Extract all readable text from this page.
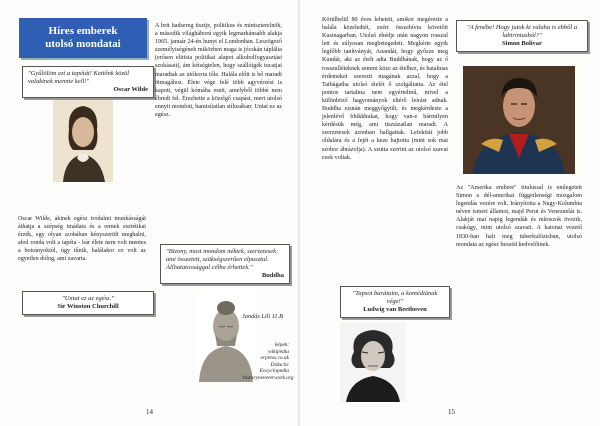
Híres emberek
utolsó mondatai
"Gyűlölöm ezt a tapétát! Kettőnk közül valakinek mennie kell!"
Oscar Wilde

Oscar Wilde, akinek egész irodalmi munkásságát áthatja a szépség imádata és a remek esztétikai érzék, egy olyan szobában kényszerült meghalni, ahol ronda volt a tapéta - bár élete nem volt mentes a botrányoktól, úgy tűnik, halálakor ez volt az egyetlen dolog, ami zavarta.

"Untat ez az egész."
Sir Winston Churchill

A brit hadsereg tisztje, politikus és miniszterelnök, a második világháború egyik legmarkánsabb alakja 1965. január 24-én hunyt el Londonban. Leszögező személyiségének miközben maga is jócskán táplálta (erősen elitista politikai alapot alkoholfogyasztási szokásait), ám kétségtelen, hogy szállóigék tucatjai maradtak az utókorra tőle. Halála előtt is bő maradt ötmagához. Élete vége felé több agyvérzést is kapott, végül kómába esett, amelyből többé nem ébredt fel. Érezhette a közelgő csapást, mert utolsó ennyit mondott, hamisítatlan stílusában: Untat ez az egész.

"Bizony, most mondom néktek, szerzetesek: ami összetett, szükségszerűen elpusztul. Állhatatossággal célba érhettek."
Buddha
14

Körülbelül 80 éves lehetett, amikor megérezte a halála közeledtét, ezért összehívta követőit Kusinagarban. Utolsó ebédje után nagyon rosszul lett és súlyosan megbetegedett. Megkérte egyik legfőbb tanítványát, Anandát, hogy győzze meg Kundát, aki az ételt adta Buddhának, hogy az ő rosszulléteknek semmi köze az ételhez, és hatalmas érdemeket szereztt magának azzal, hogy a Tathágatha utolsó ételét ő szolgáltatta. Az étel pontos tartalma nem egyértelmű, mivel a különböző hagyományok eltérő leírást adnak. Buddha ezután meggyőgyült, és megkérdezte a jelenlévő bhikkhukat, hogy van-e bármilyen kérdésük még, ami tisztázatlan maradt. A szerzetesek azonban hallgattak. Lefektiát jobb oldalára és a fejét a keze hajtotta (mint sok mai szobor ábrázolja). A szutta szerint az utolsó szavai ezek voltak.

"Tapsot barátaim, a komédiának vége!"
Ludwig van Beethoven
"A fenébe! Hogy jutok ki valaha is ebből a labirintusból?"
Simon Bolívar

Az "Amerika embere" titulussal is emlegetett Simon a dél-amerikai függetlenségi mozgalom legendás vezére volt. Irányította a Nagy-Kolumbia néven ismert államot, majd Perut és Venezuelát is. Alakját mai napig legendák és mítoszok övezik, csakúgy, mint utolsó szavait. A katonai vezető 1830-ban halt meg tuberkulózisban, utolsó mondata az egész beszéd kedvelőinek.

15
Jandás Lili 11.B
képek:
wikipédia
erpress.co.uk
Didactic Encyclopedia
historyneneterwork.org
